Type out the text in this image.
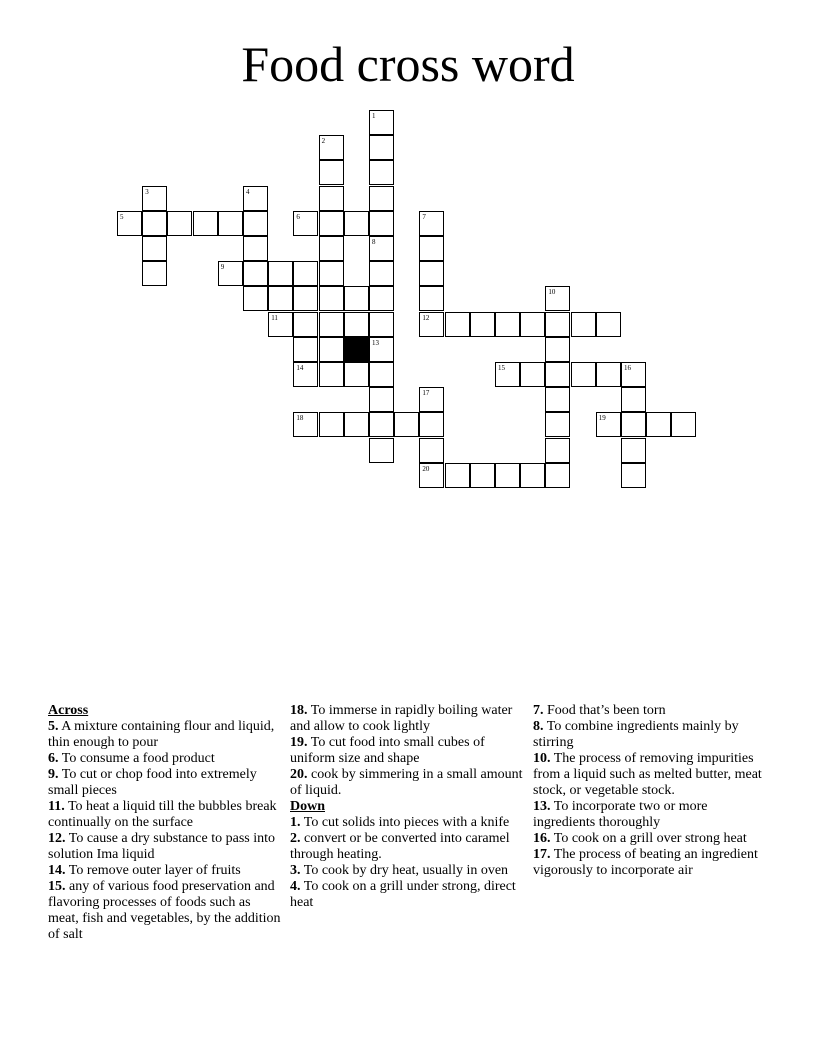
Food cross word
1
8
2
3	4
5	6	7
12
13
9
11
10
14	15	16
17
20
18	19
Across
5. A mixture containing flour and liquid, thin enough to pour
6. To consume a food product
9. To cut or chop food into extremely small pieces
11. To heat a liquid till the bubbles break continually on the surface
12. To cause a dry substance to pass into solution Ima liquid
14. To remove outer layer of fruits
15. any of various food preservation and flavoring processes of foods such as meat, fish and vegetables, by the addition of salt
18. To immerse in rapidly boiling water and allow to cook lightly
19. To cut food into small cubes of uniform size and shape
20. cook by simmering in a small amount of liquid.
Down
1. To cut solids into pieces with a knife
2. convert or be converted into caramel through heating.
3. To cook by dry heat, usually in oven
4. To cook on a grill under strong, direct heat
7. Food that’s been torn
8. To combine ingredients mainly by stirring
10. The process of removing impurities from a liquid such as melted butter, meat stock, or vegetable stock.
13. To incorporate two or more ingredients thoroughly
16. To cook on a grill over strong heat
17. The process of beating an ingredient vigorously to incorporate air
